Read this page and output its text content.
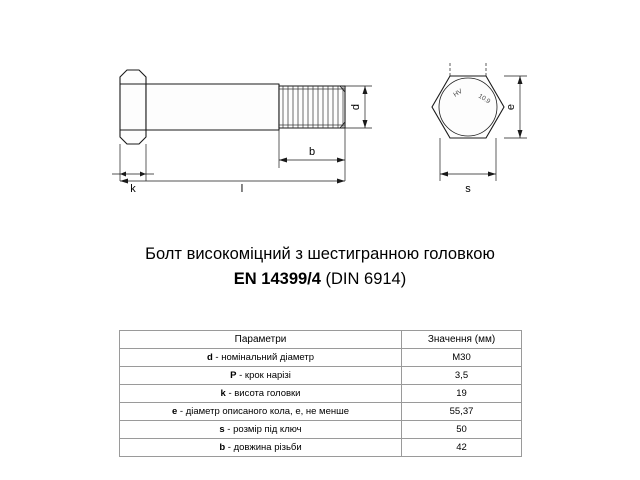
k	l
b
d
HV 10.9
e
s
Болт високоміцний з шестигранною головкою
EN 14399/4 (DIN 6914)
Параметри	Значення (мм)
d - номінальний діаметр	M30
P - крок нарізі	3,5
k - висота головки	19
e - діаметр описаного кола, e, не менше	55,37
s - розмір під ключ	50
b - довжина різьби	42
